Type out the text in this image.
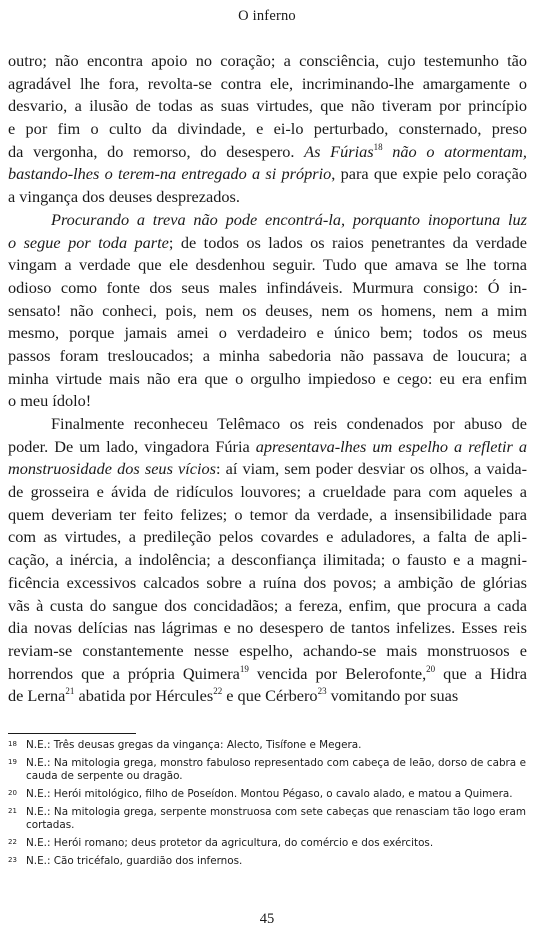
O inferno
outro; não encontra apoio no coração; a consciência, cujo testemunho tão
agradável lhe fora, revolta-se contra ele, incriminando-lhe amargamente o
desvario, a ilusão de todas as suas virtudes, que não tiveram por princípio
e por fim o culto da divindade, e ei-lo perturbado, consternado, preso
da vergonha, do remorso, do desespero. As Fúrias$^{18}$ não o atormentam,
bastando-lhes o terem-na entregado a si próprio, para que expie pelo coração
a vingança dos deuses desprezados.
Procurando a treva não pode encontrá-la, porquanto inoportuna luz
o segue por toda parte; de todos os lados os raios penetrantes da verdade
vingam a verdade que ele desdenhou seguir. Tudo que amava se lhe torna
odioso como fonte dos seus males infindáveis. Murmura consigo: Ó in-
sensato! não conheci, pois, nem os deuses, nem os homens, nem a mim
mesmo, porque jamais amei o verdadeiro e único bem; todos os meus
passos foram tresloucados; a minha sabedoria não passava de loucura; a
minha virtude mais não era que o orgulho impiedoso e cego: eu era enfim
o meu ídolo!
Finalmente reconheceu Telêmaco os reis condenados por abuso de
poder. De um lado, vingadora Fúria apresentava-lhes um espelho a refletir a
monstruosidade dos seus vícios: aí viam, sem poder desviar os olhos, a vaida-
de grosseira e ávida de ridículos louvores; a crueldade para com aqueles a
quem deveriam ter feito felizes; o temor da verdade, a insensibilidade para
com as virtudes, a predileção pelos covardes e aduladores, a falta de apli-
cação, a inércia, a indolência; a desconfiança ilimitada; o fausto e a magni-
ficência excessivos calcados sobre a ruína dos povos; a ambição de glórias
vãs à custa do sangue dos concidadãos; a fereza, enfim, que procura a cada
dia novas delícias nas lágrimas e no desespero de tantos infelizes. Esses reis
reviam-se constantemente nesse espelho, achando-se mais monstruosos e
horrendos que a própria Quimera$^{19}$ vencida por Belerofonte,$^{20}$ que a Hidra
de Lerna$^{21}$ abatida por Hércules$^{22}$ e que Cérbero$^{23}$ vomitando por suas
18 N.E.: Três deusas gregas da vingança: Alecto, Tisífone e Megera.
19 N.E.: Na mitologia grega, monstro fabuloso representado com cabeça de leão, dorso de cabra e cauda de serpente ou dragão.
20 N.E.: Herói mitológico, filho de Poseídon. Montou Pégaso, o cavalo alado, e matou a Quimera.
21 N.E.: Na mitologia grega, serpente monstruosa com sete cabeças que renasciam tão logo eram cortadas.
22 N.E.: Herói romano; deus protetor da agricultura, do comércio e dos exércitos.
23 N.E.: Cão tricéfalo, guardião dos infernos.
45
